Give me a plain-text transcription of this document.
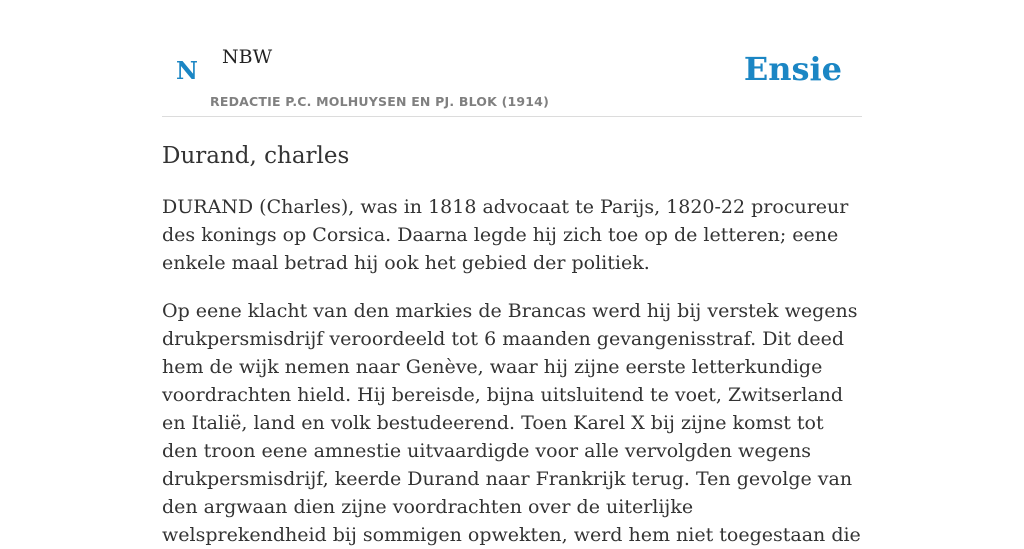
N NBW
REDACTIE P.C. MOLHUYSEN EN PJ. BLOK (1914)
Ensie
Durand, charles

DURAND (Charles), was in 1818 advocaat te Parijs, 1820-22 procureur des konings op Corsica. Daarna legde hij zich toe op de letteren; eene enkele maal betrad hij ook het gebied der politiek.

Op eene klacht van den markies de Brancas werd hij bij verstek wegens drukpersmisdrijf veroordeeld tot 6 maanden gevangenisstraf. Dit deed hem de wijk nemen naar Genève, waar hij zijne eerste letterkundige voordrachten hield. Hij bereisde, bijna uitsluitend te voet, Zwitserland en Italië, land en volk bestudeerend. Toen Karel X bij zijne komst tot den troon eene amnestie uitvaardigde voor alle vervolgden wegens drukpersmisdrijf, keerde Durand naar Frankrijk terug. Ten gevolge van den argwaan dien zijne voordrachten over de uiterlijke welsprekendheid bij sommigen opwekten, werd hem niet toegestaan die
